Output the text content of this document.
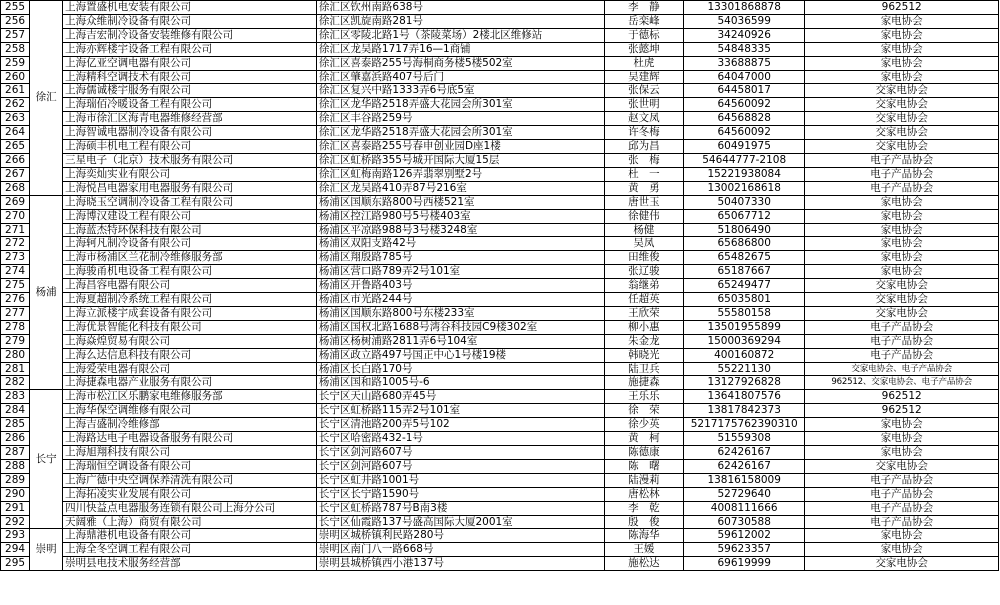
255	徐汇	上海置盛机电安装有限公司	徐汇区钦州南路638号	李　静	13301868878	962512
256		上海众维制冷设备有限公司	徐汇区凯旋南路281号	岳栾峰	54036599	家电协会
257		上海吉宏制冷设备安装维修有限公司	徐汇区零陵北路1号（茶陵菜场）2楼北区维修站	于德标	34240926	家电协会
258		上海亦辉楼宇设备工程有限公司	徐汇区龙吴路1717弄16—1商铺	张懿坤	54848335	家电协会
259		上海亿亚空调电器有限公司	徐汇区喜泰路255号海桐商务楼5楼502室	杜虎	33688875	家电协会
260		上海精科空调技术有限公司	徐汇区肇嘉浜路407号后门	吴建辉	64047000	家电协会
261		上海儒诚楼宇服务有限公司	徐汇区复兴中路1333弄6号底5室	张保云	64458017	交家电协会
262		上海瑞佰冷暖设备工程有限公司	徐汇区龙华路2518弄盛大花园会所301室	张世明	64560092	交家电协会
263		上海市徐汇区海青电器维修经营部	徐汇区丰谷路259号	赵文凤	64568828	交家电协会
264		上海智诚电器制冷设备有限公司	徐汇区龙华路2518弄盛大花园会所301室	许冬梅	64560092	交家电协会
265		上海硕丰机电工程有限公司	徐汇区喜泰路255号春申创业园D座1楼	邱为昌	60491975	交家电协会
266		三星电子（北京）技术服务有限公司	徐汇区虹桥路355号城开国际大厦15层	张　梅	54644777-2108	电子产品协会
267		上海奕灿实业有限公司	徐汇区虹梅南路126弄翡翠别墅2号	杜　一	15221938084	电子产品协会
268		上海悦昌电器家用电器服务有限公司	徐汇区龙吴路410弄87号216室	黄　勇	13002168618	电子产品协会
269	杨浦	上海晓玉空调制冷设备工程有限公司	杨浦区国顺东路800号西楼521室	唐世玉	50407330	家电协会
270		上海博汉建设工程有限公司	杨浦区控江路980号5号楼403室	徐健伟	65067712	家电协会
271		上海蓝杰特环保科技有限公司	杨浦区平凉路988号3号楼3248室	杨健	51806490	家电协会
272		上海轲凡制冷设备有限公司	杨浦区双阳支路42号	吴凤	65686800	家电协会
273		上海市杨浦区兰花制冷维修服务部	杨浦区翔殷路785号	田维俊	65482675	家电协会
274		上海骏甬机电设备工程有限公司	杨浦区营口路789弄2号101室	张辽骏	65187667	家电协会
275		上海昌容电器有限公司	杨浦区开鲁路403号	翁继弟	65249477	交家电协会
276		上海夏超制冷系统工程有限公司	杨浦区市光路244号	任超英	65035801	交家电协会
277		上海立派楼宇成套设备有限公司	杨浦区国顺东路800号东楼233室	王欣荣	55580158	交家电协会
278		上海优景智能化科技有限公司	杨浦区国权北路1688号湾谷科技园C9楼302室	柳小惠	13501955899	电子产品协会
279		上海焱煌贸易有限公司	杨浦区杨树浦路2811弄6号104室	朱金龙	15000369294	电子产品协会
280		上海么达信息科技有限公司	杨浦区政立路497号国正中心1号楼19楼	韩晓光	400160872	电子产品协会
281		上海爱荣电器有限公司	杨浦区长白路170号	陆卫兵	55221130	交家电协会、电子产品协会
282		上海捷森电器产业服务有限公司	杨浦区国和路1005号-6	施捷森	13127926828	962512、交家电协会、电子产品协会
283	长宁	上海市松江区乐鹏家电维修服务部	长宁区天山路680弄45号	王乐乐	13641807576	962512
284		上海华保空调维修有限公司	长宁区虹桥路115弄2号101室	徐　荣	13817842373	962512
285		上海吉盛制冷维修部	长宁区清池路200弄5号102	徐少英	52171757623903​10	家电协会
286		上海路达电子电器设备服务有限公司	长宁区哈密路432-1号	黄　柯	51559308	家电协会
287		上海旭翔科技有限公司	长宁区剑河路607号	陈德康	62426167	家电协会
288		上海瑞恒空调设备有限公司	长宁区剑河路607号	陈　曙	62426167	交家电协会
289		上海广德中央空调保养清洗有限公司	长宁区虹井路1001号	陆漫莉	13816158009	电子产品协会
290		上海拓凌实业发展有限公司	长宁区长宁路1590号	唐松林	52729640	电子产品协会
291		四川快益点电器服务连锁有限公司上海分公司	长宁区虹桥路787号B南3楼	李　乾	4008111666	电子产品协会
292		天阔雅（上海）商贸有限公司	长宁区仙霞路137号盛高国际大厦2001室	殷　俊	60730588	电子产品协会
293	崇明	上海鼎港机电设备有限公司	崇明区城桥镇利民路280号	陈海华	59612002	家电协会
294		上海全冬空调工程有限公司	崇明区南门八一路668号	王媛	59623357	家电协会
295		崇明县电技术服务经营部	崇明县城桥镇西小港137号	施松达	69619999	交家电协会
